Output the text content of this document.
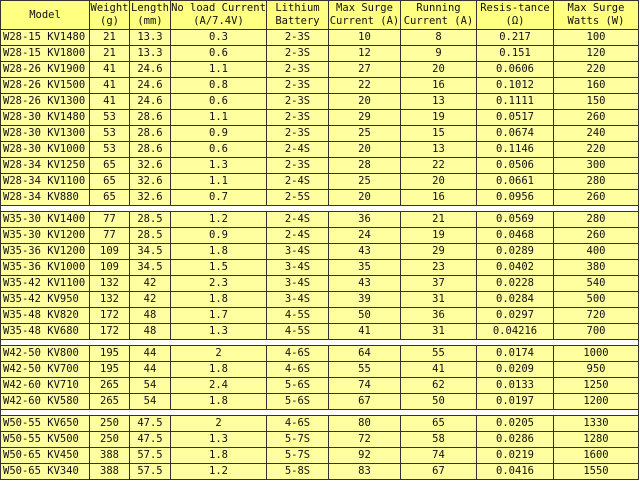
Model	Weight (g)	Length (mm)	No load Current (A/7.4V)	Lithium Battery	Max Surge Current (A)	Running Current (A)	Resis-tance (Ω)	Max Surge Watts (W)
W28-15 KV1480	21	13.3	0.3	2-3S	10	8	0.217	100
W28-15 KV1800	21	13.3	0.6	2-3S	12	9	0.151	120
W28-26 KV1900	41	24.6	1.1	2-3S	27	20	0.0606	220
W28-26 KV1500	41	24.6	0.8	2-3S	22	16	0.1012	160
W28-26 KV1300	41	24.6	0.6	2-3S	20	13	0.1111	150
W28-30 KV1480	53	28.6	1.1	2-3S	29	19	0.0517	260
W28-30 KV1300	53	28.6	0.9	2-3S	25	15	0.0674	240
W28-30 KV1000	53	28.6	0.6	2-4S	20	13	0.1146	220
W28-34 KV1250	65	32.6	1.3	2-3S	28	22	0.0506	300
W28-34 KV1100	65	32.6	1.1	2-4S	25	20	0.0661	280
W28-34 KV880	65	32.6	0.7	2-5S	20	16	0.0956	260

W35-30 KV1400	77	28.5	1.2	2-4S	36	21	0.0569	280
W35-30 KV1200	77	28.5	0.9	2-4S	24	19	0.0468	260
W35-36 KV1200	109	34.5	1.8	3-4S	43	29	0.0289	400
W35-36 KV1000	109	34.5	1.5	3-4S	35	23	0.0402	380
W35-42 KV1100	132	42	2.3	3-4S	43	37	0.0228	540
W35-42 KV950	132	42	1.8	3-4S	39	31	0.0284	500
W35-48 KV820	172	48	1.7	4-5S	50	36	0.0297	720
W35-48 KV680	172	48	1.3	4-5S	41	31	0.04216	700

W42-50 KV800	195	44	2	4-6S	64	55	0.0174	1000
W42-50 KV700	195	44	1.8	4-6S	55	41	0.0209	950
W42-60 KV710	265	54	2.4	5-6S	74	62	0.0133	1250
W42-60 KV580	265	54	1.8	5-6S	67	50	0.0197	1200

W50-55 KV650	250	47.5	2	4-6S	80	65	0.0205	1330
W50-55 KV500	250	47.5	1.3	5-7S	72	58	0.0286	1280
W50-65 KV450	388	57.5	1.8	5-7S	92	74	0.0219	1600
W50-65 KV340	388	57.5	1.2	5-8S	83	67	0.0416	1550
